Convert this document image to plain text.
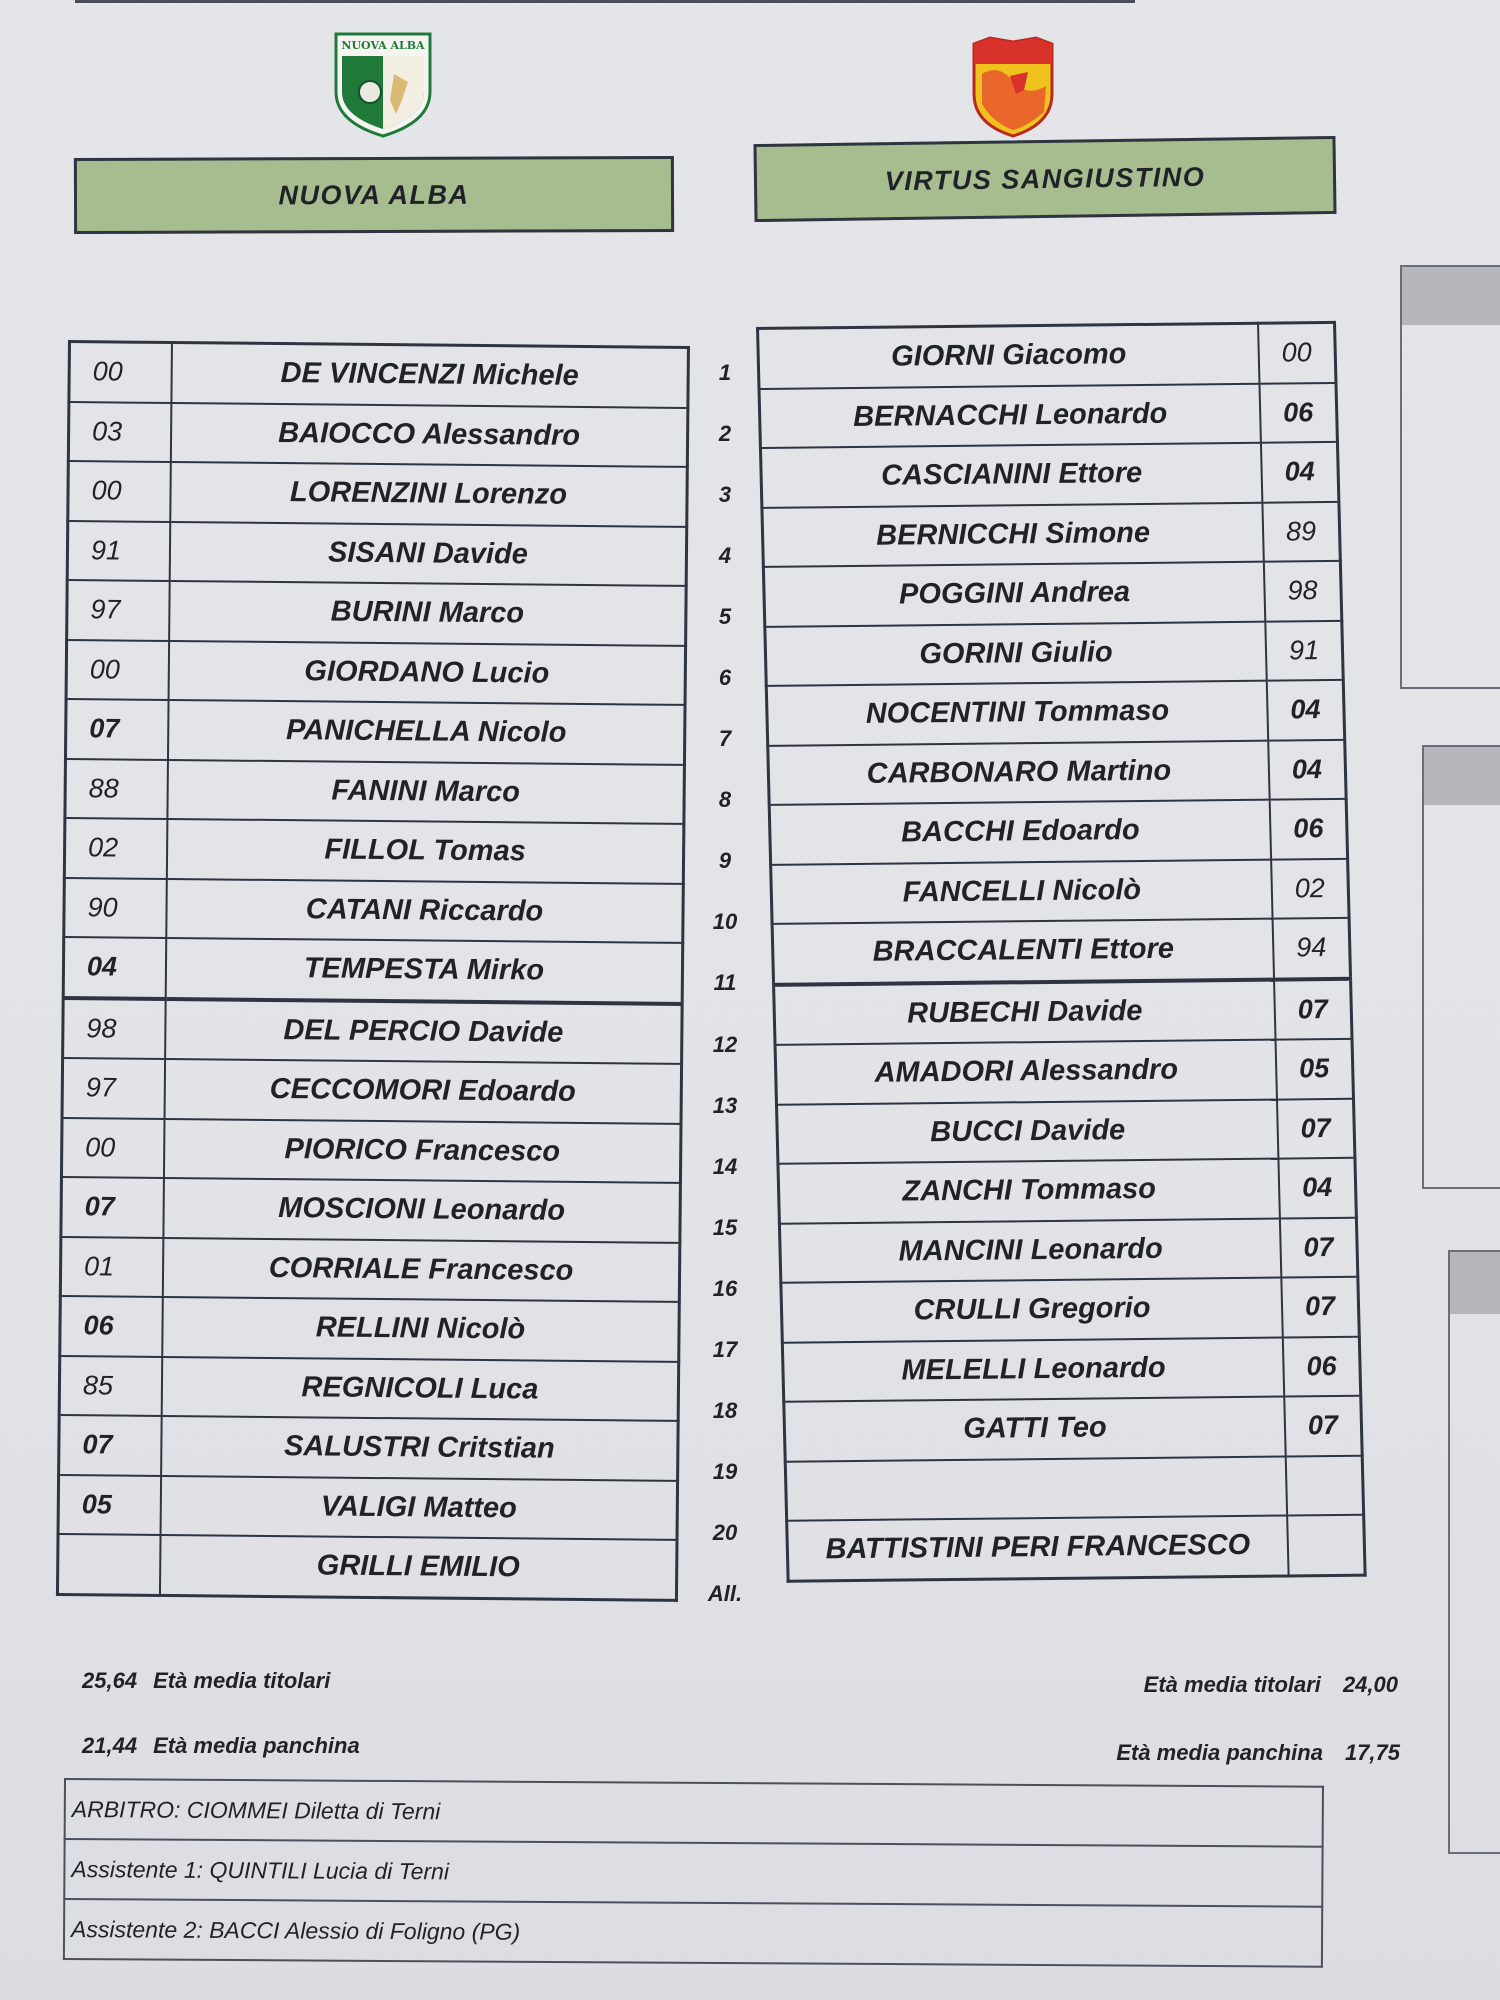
NUOVA ALBA
NUOVA ALBA	VIRTUS SANGIUSTINO
00	DE VINCENZI Michele
03	BAIOCCO Alessandro
00	LORENZINI Lorenzo
91	SISANI Davide
97	BURINI Marco
00	GIORDANO Lucio
07	PANICHELLA Nicolo
88	FANINI Marco
02	FILLOL Tomas
90	CATANI Riccardo
04	TEMPESTA Mirko
98	DEL PERCIO Davide
97	CECCOMORI Edoardo
00	PIORICO Francesco
07	MOSCIONI Leonardo
01	CORRIALE Francesco
06	RELLINI Nicolò
85	REGNICOLI Luca
07	SALUSTRI Critstian
05	VALIGI Matteo
	GRILLI EMILIO
1
2
3
4
5
6
7
8
9
10
11
12
13
14
15
16
17
18
19
20
All.
GIORNI Giacomo	00
BERNACCHI Leonardo	06
CASCIANINI Ettore	04
BERNICCHI Simone	89
POGGINI Andrea	98
GORINI Giulio	91
NOCENTINI Tommaso	04
CARBONARO Martino	04
BACCHI Edoardo	06
FANCELLI Nicolò	02
BRACCALENTI Ettore	94
RUBECHI Davide	07
AMADORI Alessandro	05
BUCCI Davide	07
ZANCHI Tommaso	04
MANCINI Leonardo	07
CRULLI Gregorio	07
MELELLI Leonardo	06
GATTI Teo	07

BATTISTINI PERI FRANCESCO	
25,64 Età media titolari
21,44 Età media panchina
Età media titolari 24,00
Età media panchina 17,75
ARBITRO: CIOMMEI Diletta di Terni
Assistente 1: QUINTILI Lucia di Terni
Assistente 2: BACCI Alessio di Foligno (PG)
